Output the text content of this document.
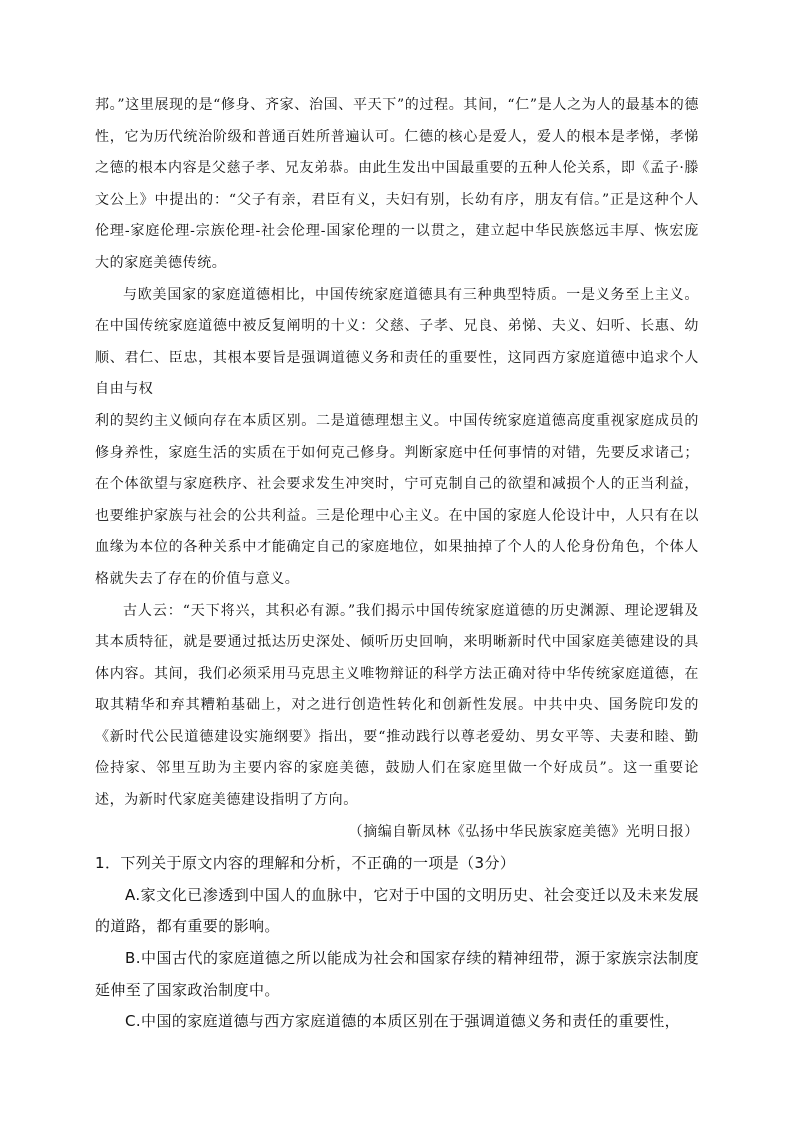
邦。”这里展现的是“修身、齐家、治国、平天下”的过程。其间，“仁”是人之为人的最基本的德性，它为历代统治阶级和普通百姓所普遍认可。仁德的核心是爱人，爱人的根本是孝悌，孝悌之德的根本内容是父慈子孝、兄友弟恭。由此生发出中国最重要的五种人伦关系，即《孟子·滕文公上》中提出的：“父子有亲，君臣有义，夫妇有别，长幼有序，朋友有信。”正是这种个人伦理-家庭伦理-宗族伦理-社会伦理-国家伦理的一以贯之，建立起中华民族悠远丰厚、恢宏庞大的家庭美德传统。

与欧美国家的家庭道德相比，中国传统家庭道德具有三种典型特质。一是义务至上主义。在中国传统家庭道德中被反复阐明的十义：父慈、子孝、兄良、弟悌、夫义、妇听、长惠、幼顺、君仁、臣忠，其根本要旨是强调道德义务和责任的重要性，这同西方家庭道德中追求个人自由与权

利的契约主义倾向存在本质区别。二是道德理想主义。中国传统家庭道德高度重视家庭成员的修身养性，家庭生活的实质在于如何克己修身。判断家庭中任何事情的对错，先要反求诸己；在个体欲望与家庭秩序、社会要求发生冲突时，宁可克制自己的欲望和减损个人的正当利益，也要维护家族与社会的公共利益。三是伦理中心主义。在中国的家庭人伦设计中，人只有在以血缘为本位的各种关系中才能确定自己的家庭地位，如果抽掉了个人的人伦身份角色，个体人格就失去了存在的价值与意义。

古人云：“天下将兴，其积必有源。”我们揭示中国传统家庭道德的历史渊源、理论逻辑及其本质特征，就是要通过抵达历史深处、倾听历史回响，来明晰新时代中国家庭美德建设的具体内容。其间，我们必须采用马克思主义唯物辩证的科学方法正确对待中华传统家庭道德，在取其精华和弃其糟粕基础上，对之进行创造性转化和创新性发展。中共中央、国务院印发的《新时代公民道德建设实施纲要》指出，要“推动践行以尊老爱幼、男女平等、夫妻和睦、勤俭持家、邻里互助为主要内容的家庭美德，鼓励人们在家庭里做一个好成员”。这一重要论述，为新时代家庭美德建设指明了方向。

（摘编自靳凤林《弘扬中华民族家庭美德》光明日报）

1．下列关于原文内容的理解和分析，不正确的一项是（3分）

A.家文化已渗透到中国人的血脉中，它对于中国的文明历史、社会变迁以及未来发展的道路，都有重要的影响。

B.中国古代的家庭道德之所以能成为社会和国家存续的精神纽带，源于家族宗法制度延伸至了国家政治制度中。

C.中国的家庭道德与西方家庭道德的本质区别在于强调道德义务和责任的重要性，
